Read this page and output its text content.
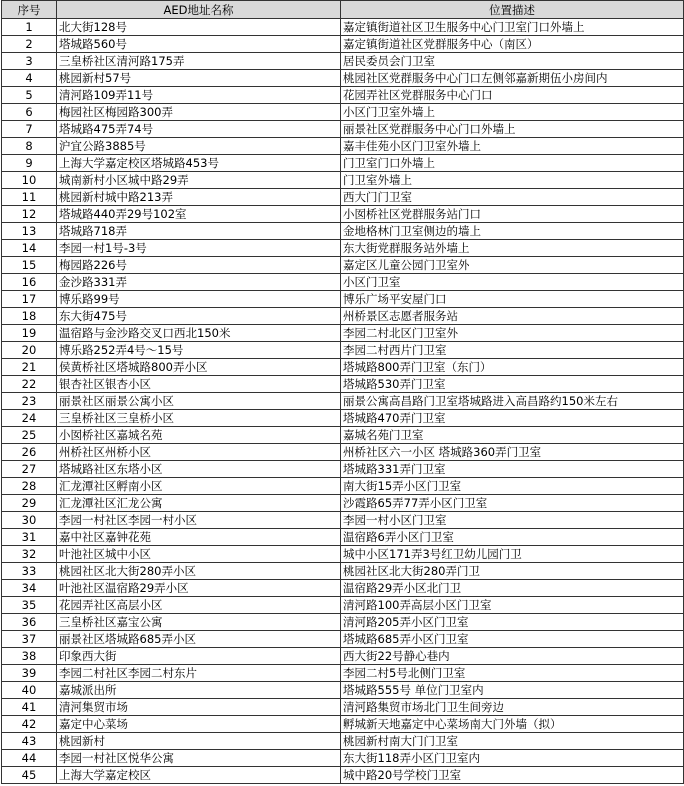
序号	AED地址名称	位置描述
1	北大街128号	嘉定镇街道社区卫生服务中心门卫室门口外墙上
2	塔城路560号	嘉定镇街道社区党群服务中心（南区）
3	三皇桥社区清河路175弄	居民委员会门卫室
4	桃园新村57号	桃园社区党群服务中心门口左侧邻嘉新期伍小房间内
5	清河路109弄11号	花园弄社区党群服务中心门口
6	梅园社区梅园路300弄	小区门卫室外墙上
7	塔城路475弄74号	丽景社区党群服务中心门口外墙上
8	沪宜公路3885号	嘉丰佳苑小区门卫室外墙上
9	上海大学嘉定校区塔城路453号	门卫室门口外墙上
10	城南新村小区城中路29弄	门卫室外墙上
11	桃园新村城中路213弄	西大门门卫室
12	塔城路440弄29号102室	小囡桥社区党群服务站门口
13	塔城路718弄	金地格林门卫室侧边的墙上
14	李园一村1号-3号	东大街党群服务站外墙上
15	梅园路226号	嘉定区儿童公园门卫室外
16	金沙路331弄	小区门卫室
17	博乐路99号	博乐广场平安屋门口
18	东大街475号	州桥景区志愿者服务站
19	温宿路与金沙路交叉口西北150米	李园二村北区门卫室外
20	博乐路252弄4号～15号	李园二村西片门卫室
21	侯黄桥社区塔城路800弄小区	塔城路800弄门卫室（东门）
22	银杏社区银杏小区	塔城路530弄门卫室
23	丽景社区丽景公寓小区	丽景公寓高昌路门卫室塔城路进入高昌路约150米左右
24	三皇桥社区三皇桥小区	塔城路470弄门卫室
25	小囡桥社区嘉城名苑	嘉城名苑门卫室
26	州桥社区州桥小区	州桥社区六一小区 塔城路360弄门卫室
27	塔城路社区东塔小区	塔城路331弄门卫室
28	汇龙潭社区孵南小区	南大街15弄小区门卫室
29	汇龙潭社区汇龙公寓	沙霞路65弄77弄小区门卫室
30	李园一村社区李园一村小区	李园一村小区门卫室
31	嘉中社区嘉钟花苑	温宿路6弄小区门卫室
32	叶池社区城中小区	城中小区171弄3号红卫幼儿园门卫
33	桃园社区北大街280弄小区	桃园社区北大街280弄门卫
34	叶池社区温宿路29弄小区	温宿路29弄小区北门卫
35	花园弄社区高层小区	清河路100弄高层小区门卫室
36	三皇桥社区嘉宝公寓	清河路205弄小区门卫室
37	丽景社区塔城路685弄小区	塔城路685弄小区门卫室
38	印象西大街	西大街22号静心巷内
39	李园二村社区李园二村东片	李园二村5号北侧门卫室
40	嘉城派出所	塔城路555号 单位门卫室内
41	清河集贸市场	清河路集贸市场北门卫生间旁边
42	嘉定中心菜场	孵城新天地嘉定中心菜场南大门外墙（拟）
43	桃园新村	桃园新村南大门门卫室
44	李园一村社区悦华公寓	东大街118弄小区门卫室内
45	上海大学嘉定校区	城中路20号学校门卫室
